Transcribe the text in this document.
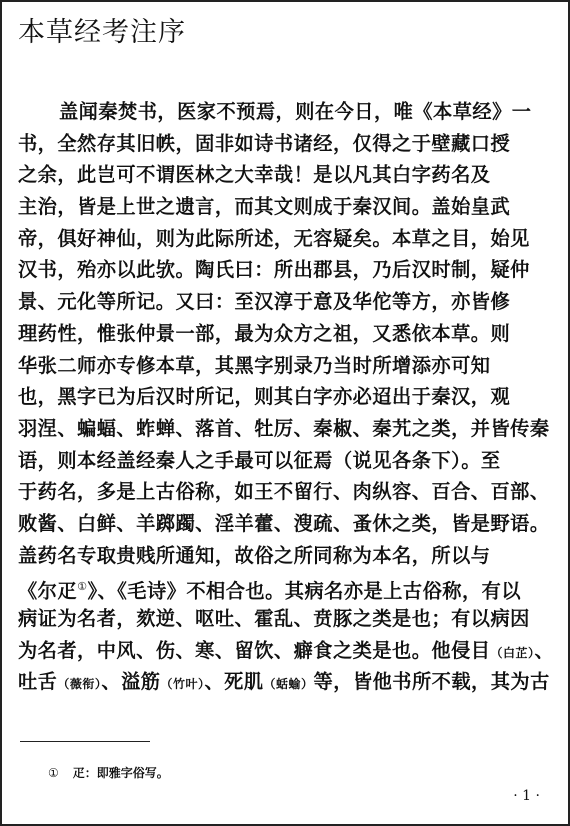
本草经考注序
盖闻秦焚书，医家不预焉，则在今日，唯《本草经》一
书，全然存其旧帙，固非如诗书诸经，仅得之于壁藏口授
之余，此岂可不谓医林之大幸哉！是以凡其白字药名及
主治，皆是上世之遗言，而其文则成于秦汉间。盖始皇武
帝，俱好神仙，则为此际所述，无容疑矣。本草之目，始见
汉书，殆亦以此欤。陶氏曰：所出郡县，乃后汉时制，疑仲
景、元化等所记。又曰：至汉淳于意及华佗等方，亦皆修
理药性，惟张仲景一部，最为众方之祖，又悉依本草。则
华张二师亦专修本草，其黑字别录乃当时所增添亦可知
也，黑字已为后汉时所记，则其白字亦必迢出于秦汉，观
羽涅、蝙蝠、蚱蝉、落首、牡厉、秦椒、秦艽之类，并皆传秦
语，则本经盖经秦人之手最可以征焉（说见各条下）。至
于药名，多是上古俗称，如王不留行、肉纵容、百合、百部、
败酱、白鲜、羊踯躅、淫羊藿、溲疏、蚤休之类，皆是野语。
盖药名专取贵贱所通知，故俗之所同称为本名，所以与
《尔疋①》、《毛诗》不相合也。其病名亦是上古俗称，有以
病证为名者，欬逆、呕吐、霍乱、贲豚之类是也；有以病因
为名者，中风、伤、寒、留饮、癖食之类是也。他侵目（白芷）、
吐舌（薇衔）、溢筋（竹叶）、死肌（蛞蝓）等，皆他书所不载，其为古
① 疋：即雅字俗写。
· 1 ·
